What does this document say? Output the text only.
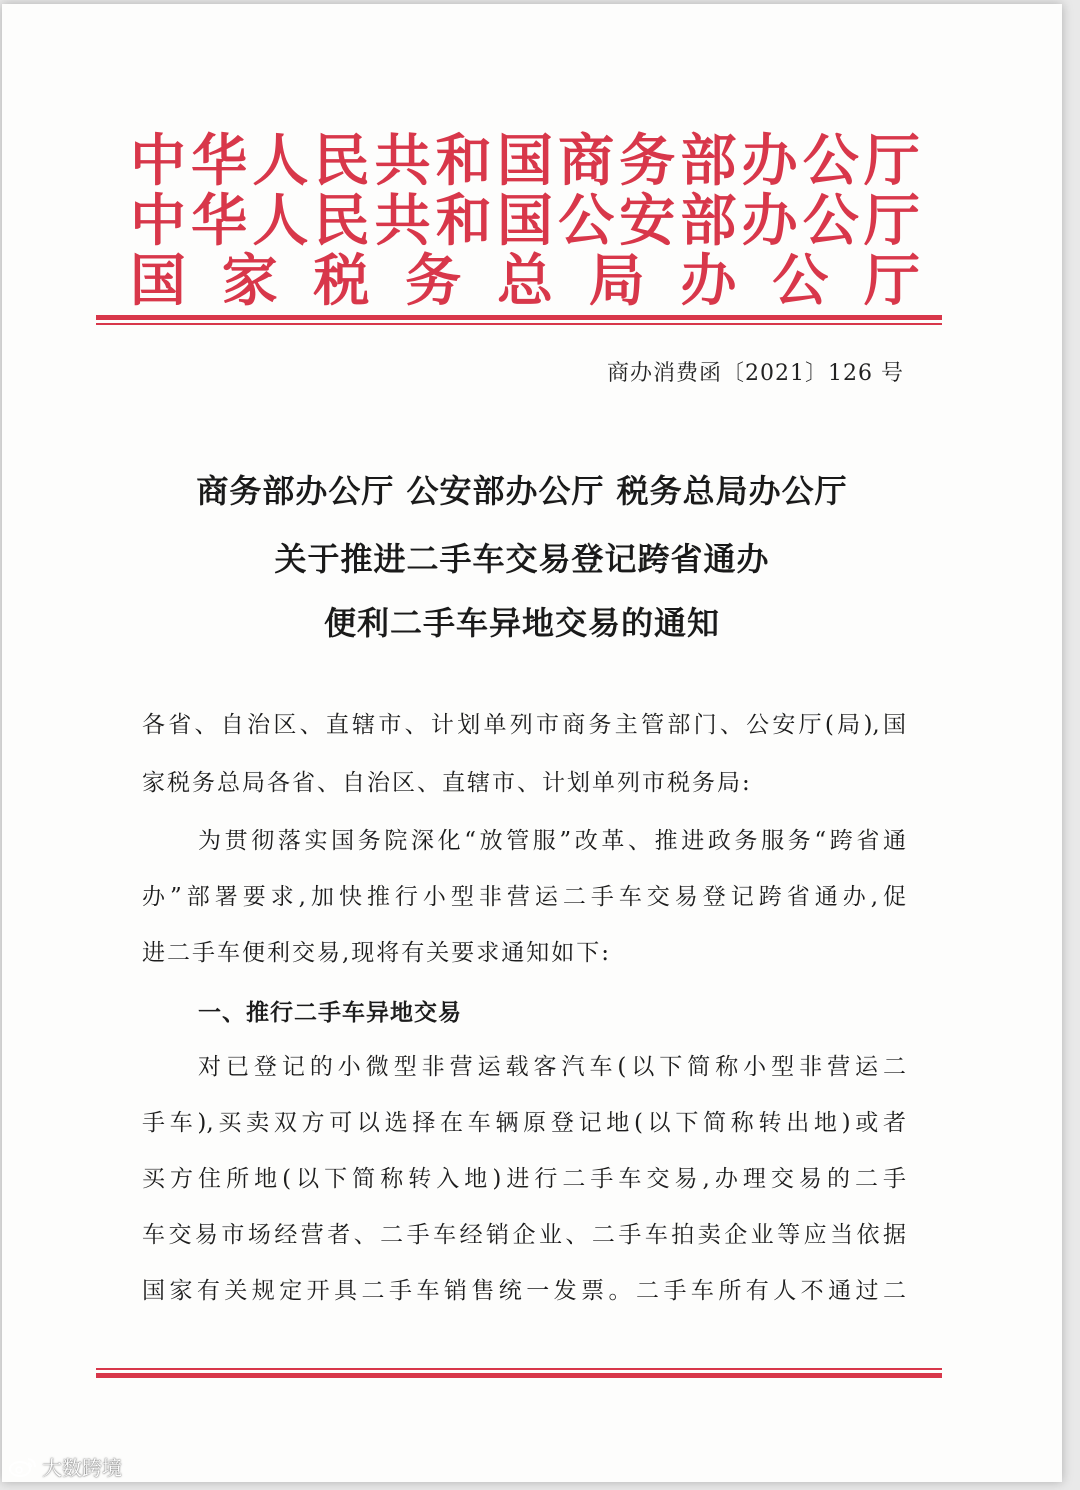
中 华 人 民 共 和 国 商 务 部 办 公 厅
中 华 人 民 共 和 国 公 安 部 办 公 厅
国 家 税 务 总 局 办 公 厅
商办消费函〔2021〕126 号
商务部办公厅 公安部办公厅 税务总局办公厅
关于推进二手车交易登记跨省通办
便利二手车异地交易的通知
各省、自治区、直辖市、计划单列市商务主管部门、公安厅(局),国
家税务总局各省、自治区、直辖市、计划单列市税务局:
为贯彻落实国务院深化“放管服”改革、推进政务服务“跨省通
办”部署要求,加快推行小型非营运二手车交易登记跨省通办,促
进二手车便利交易,现将有关要求通知如下:
一、推行二手车异地交易
对已登记的小微型非营运载客汽车(以下简称小型非营运二
手车),买卖双方可以选择在车辆原登记地(以下简称转出地)或者
买方住所地(以下简称转入地)进行二手车交易,办理交易的二手
车交易市场经营者、二手车经销企业、二手车拍卖企业等应当依据
国家有关规定开具二手车销售统一发票。二手车所有人不通过二
大数跨境
